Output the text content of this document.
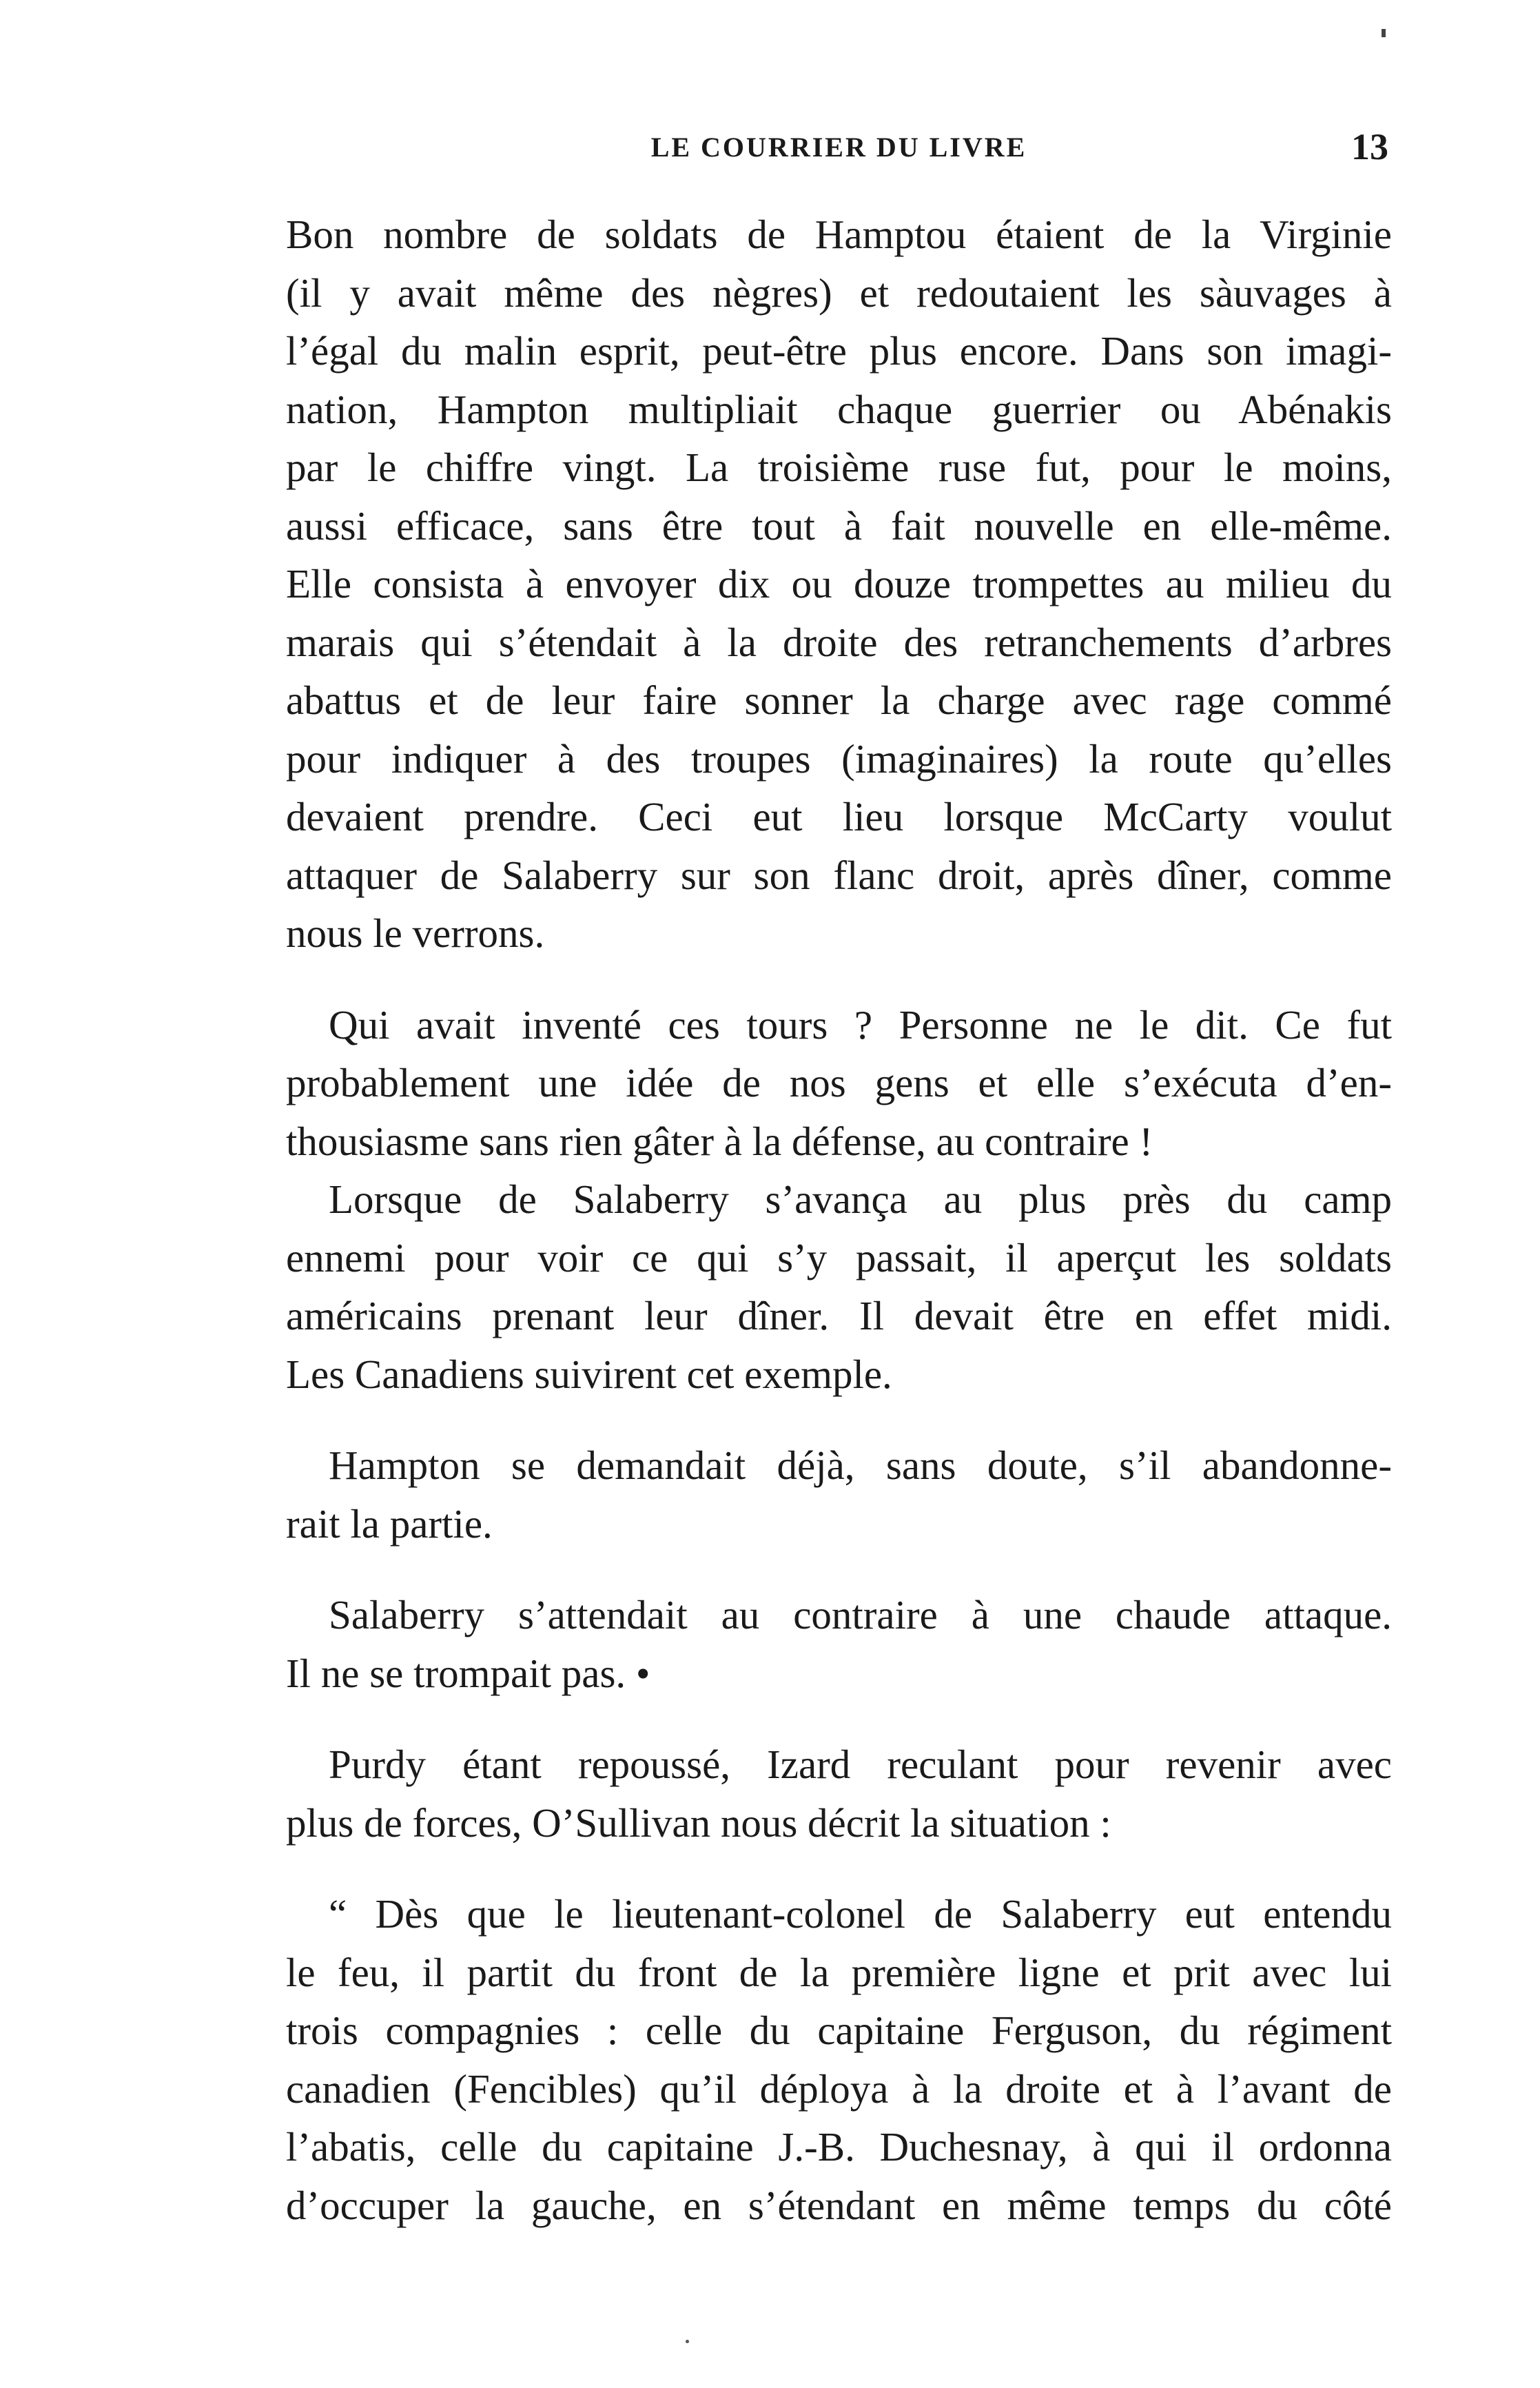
LE COURRIER DU LIVRE	13

Bon nombre de soldats de Hamptou étaient de la Virginie
(il y avait même des nègres) et redoutaient les sàuvages à
l’égal du malin esprit, peut-être plus encore. Dans son imagi-
nation, Hampton multipliait chaque guerrier ou Abénakis
par le chiffre vingt. La troisième ruse fut, pour le moins,
aussi efficace, sans être tout à fait nouvelle en elle-même.
Elle consista à envoyer dix ou douze trompettes au milieu du
marais qui s’étendait à la droite des retranchements d’arbres
abattus et de leur faire sonner la charge avec rage commé
pour indiquer à des troupes (imaginaires) la route qu’elles
devaient prendre. Ceci eut lieu lorsque McCarty voulut
attaquer de Salaberry sur son flanc droit, après dîner, comme
nous le verrons.

Qui avait inventé ces tours ? Personne ne le dit. Ce fut
probablement une idée de nos gens et elle s’exécuta d’en-
thousiasme sans rien gâter à la défense, au contraire !

Lorsque de Salaberry s’avança au plus près du camp
ennemi pour voir ce qui s’y passait, il aperçut les soldats
américains prenant leur dîner. Il devait être en effet midi.
Les Canadiens suivirent cet exemple.

Hampton se demandait déjà, sans doute, s’il abandonne-
rait la partie.

Salaberry s’attendait au contraire à une chaude attaque.
Il ne se trompait pas. •

Purdy étant repoussé, Izard reculant pour revenir avec
plus de forces, O’Sullivan nous décrit la situation :

“ Dès que le lieutenant-colonel de Salaberry eut entendu
le feu, il partit du front de la première ligne et prit avec lui
trois compagnies : celle du capitaine Ferguson, du régiment
canadien (Fencibles) qu’il déploya à la droite et à l’avant de
l’abatis, celle du capitaine J.-B. Duchesnay, à qui il ordonna
d’occuper la gauche, en s’étendant en même temps du côté
